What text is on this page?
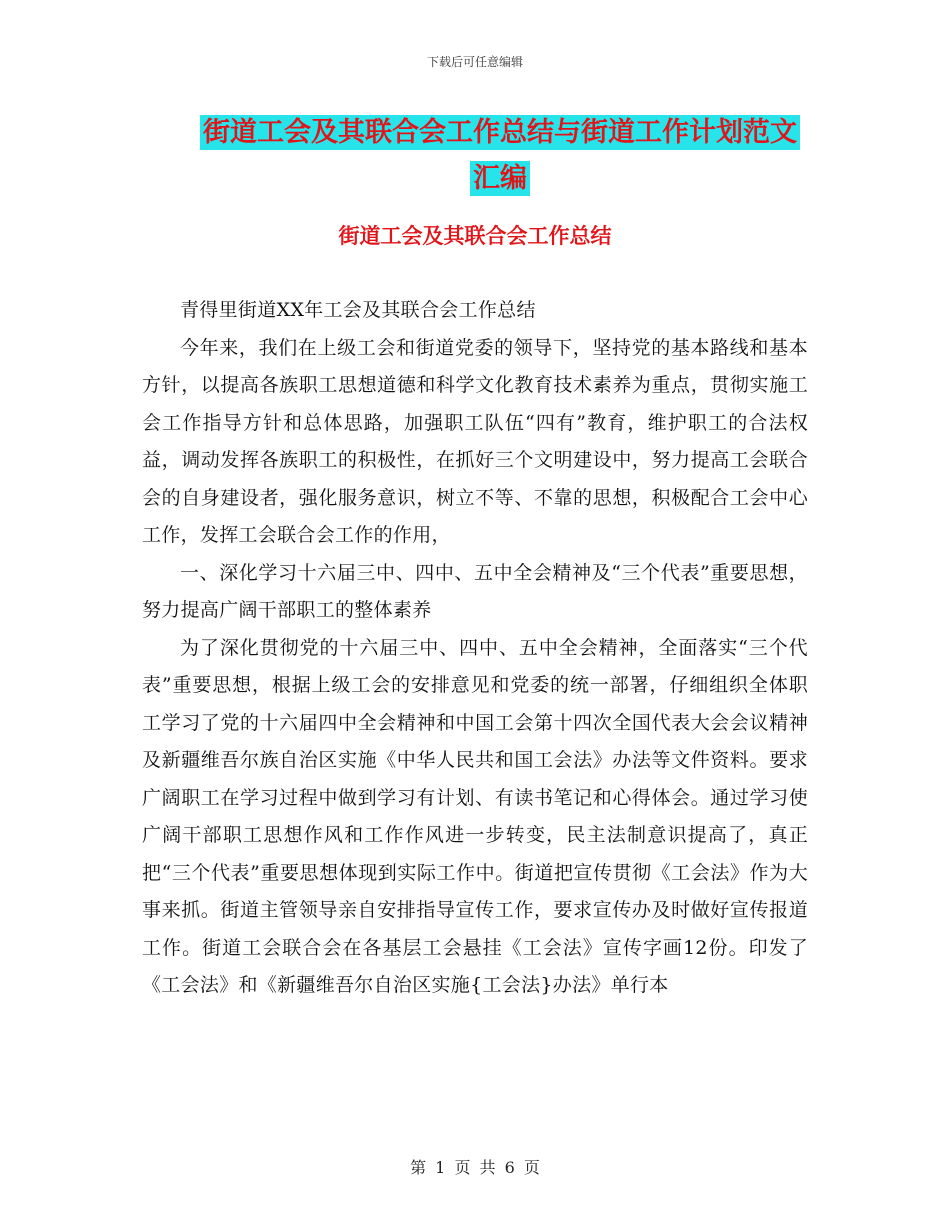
下载后可任意编辑
街道工会及其联合会工作总结与街道工作计划范文汇编
街道工会及其联合会工作总结

青得里街道XX年工会及其联合会工作总结

今年来，我们在上级工会和街道党委的领导下，坚持党的基本路线和基本方针，以提高各族职工思想道德和科学文化教育技术素养为重点，贯彻实施工会工作指导方针和总体思路，加强职工队伍“四有”教育，维护职工的合法权益，调动发挥各族职工的积极性，在抓好三个文明建设中，努力提高工会联合会的自身建设者，强化服务意识，树立不等、不靠的思想，积极配合工会中心工作，发挥工会联合会工作的作用，

一、深化学习十六届三中、四中、五中全会精神及“三个代表”重要思想，努力提高广阔干部职工的整体素养

为了深化贯彻党的十六届三中、四中、五中全会精神，全面落实“三个代表”重要思想，根据上级工会的安排意见和党委的统一部署，仔细组织全体职工学习了党的十六届四中全会精神和中国工会第十四次全国代表大会会议精神及新疆维吾尔族自治区实施《中华人民共和国工会法》办法等文件资料。要求广阔职工在学习过程中做到学习有计划、有读书笔记和心得体会。通过学习使广阔干部职工思想作风和工作作风进一步转变，民主法制意识提高了，真正把“三个代表”重要思想体现到实际工作中。街道把宣传贯彻《工会法》作为大事来抓。街道主管领导亲自安排指导宣传工作，要求宣传办及时做好宣传报道工作。街道工会联合会在各基层工会悬挂《工会法》宣传字画12份。印发了《工会法》和《新疆维吾尔自治区实施{工会法}办法》单行本

第 1 页 共 6 页
